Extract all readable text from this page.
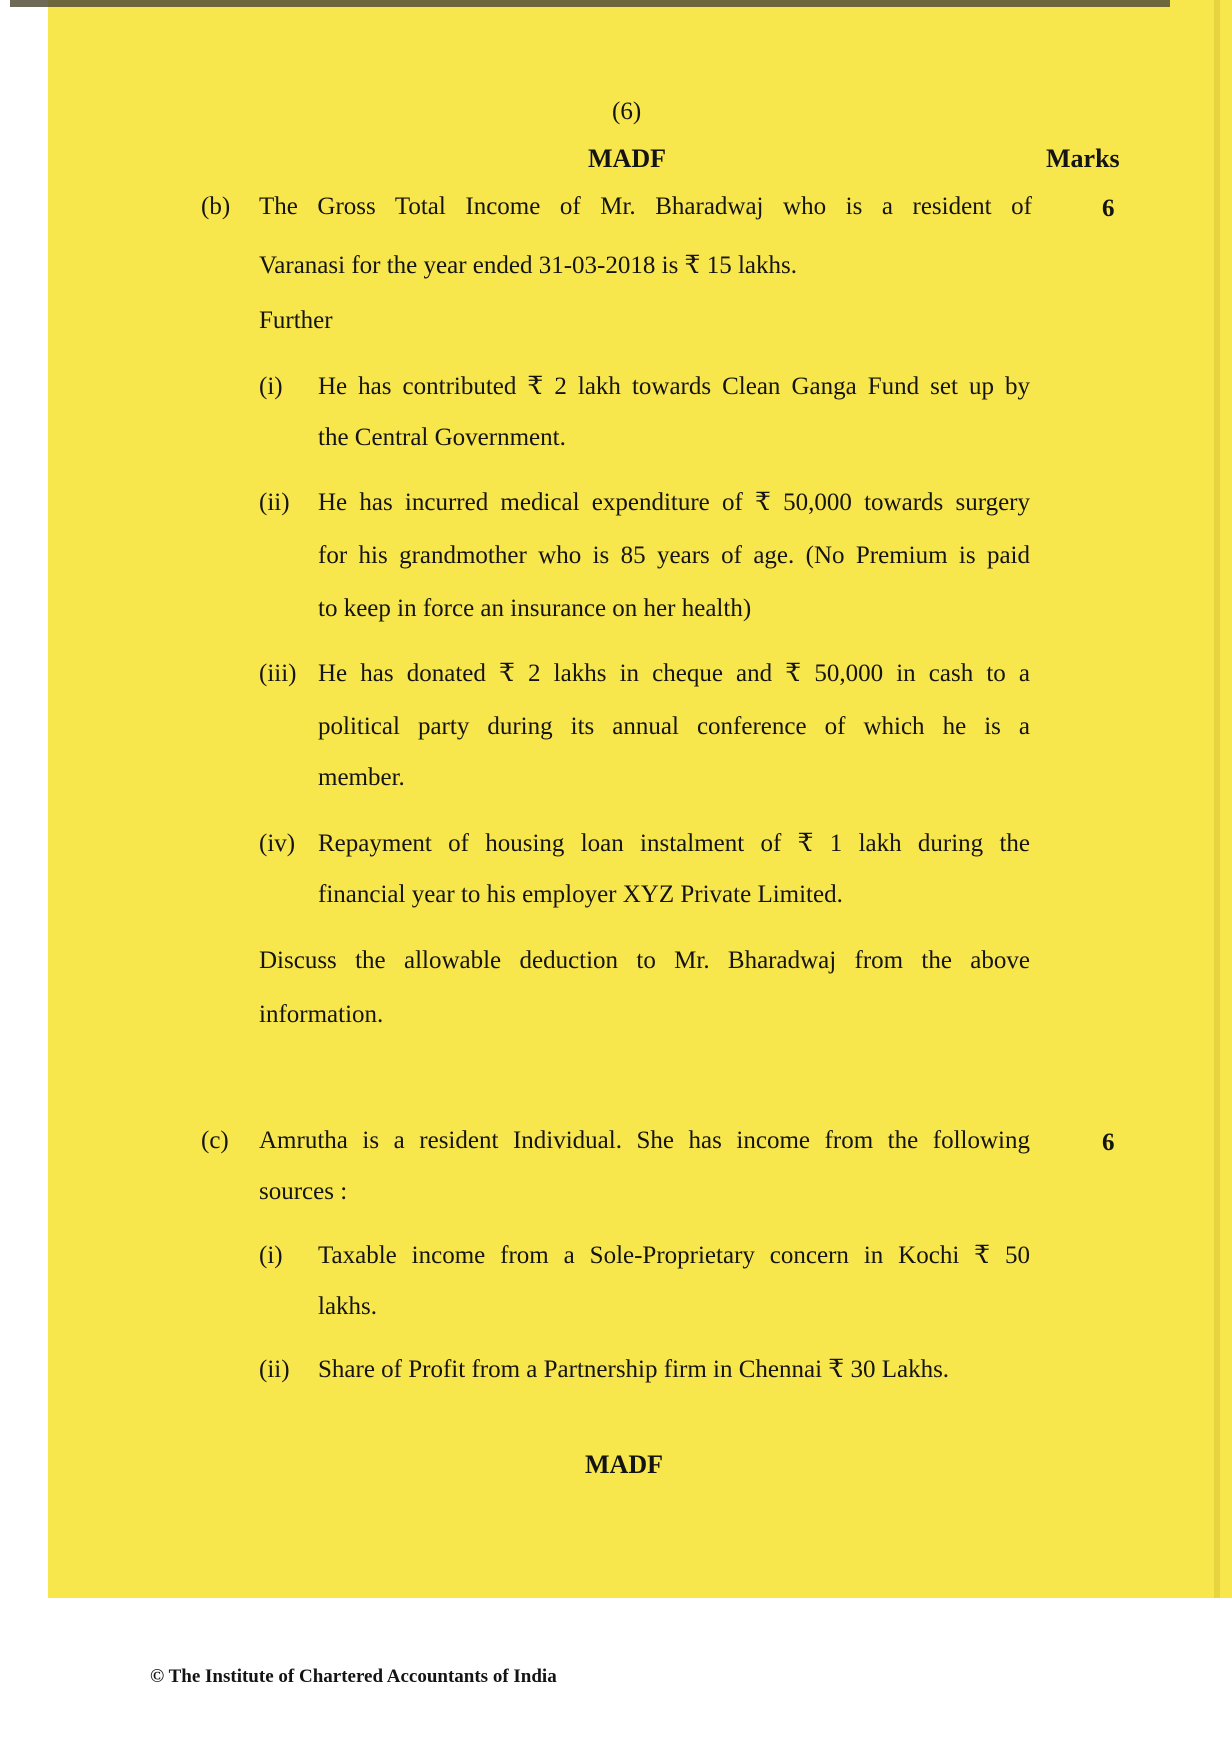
(6)
MADF	Marks
(b) The Gross Total Income of Mr. Bharadwaj who is a resident of	6
Varanasi for the year ended 31-03-2018 is ₹ 15 lakhs.
Further
(i) He has contributed ₹ 2 lakh towards Clean Ganga Fund set up by
the Central Government.
(ii) He has incurred medical expenditure of ₹ 50,000 towards surgery
for his grandmother who is 85 years of age. (No Premium is paid
to keep in force an insurance on her health)
(iii) He has donated ₹ 2 lakhs in cheque and ₹ 50,000 in cash to a
political party during its annual conference of which he is a
member.
(iv) Repayment of housing loan instalment of ₹ 1 lakh during the
financial year to his employer XYZ Private Limited.
Discuss the allowable deduction to Mr. Bharadwaj from the above
information.
(c) Amrutha is a resident Individual. She has income from the following	6
sources :
(i) Taxable income from a Sole-Proprietary concern in Kochi ₹ 50
lakhs.
(ii) Share of Profit from a Partnership firm in Chennai ₹ 30 Lakhs.
MADF
© The Institute of Chartered Accountants of India
